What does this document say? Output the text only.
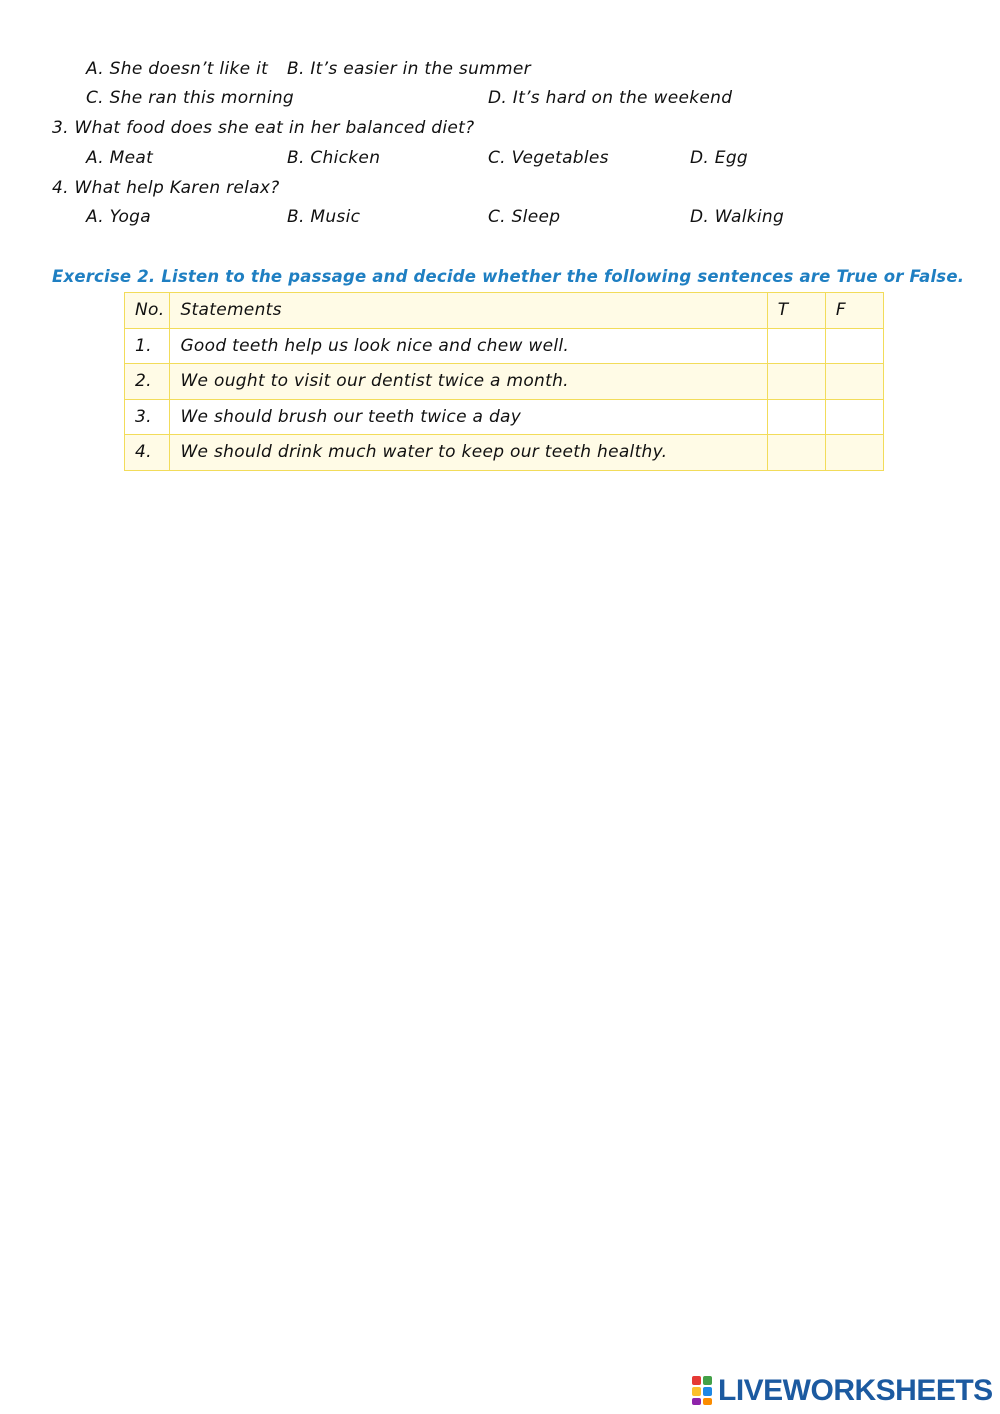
A. She doesn’t like it B. It’s easier in the summer
C. She ran this morning	D. It’s hard on the weekend
3. What food does she eat in her balanced diet?
A. Meat	B. Chicken	C. Vegetables	D. Egg
4. What help Karen relax?
A. Yoga	B. Music	C. Sleep	D. Walking
Exercise 2. Listen to the passage and decide whether the following sentences are True or False.
No.	Statements	T	F
1.	Good teeth help us look nice and chew well.		
2.	We ought to visit our dentist twice a month.		
3.	We should brush our teeth twice a day		
4.	We should drink much water to keep our teeth healthy.		
LIVEWORKSHEETS
